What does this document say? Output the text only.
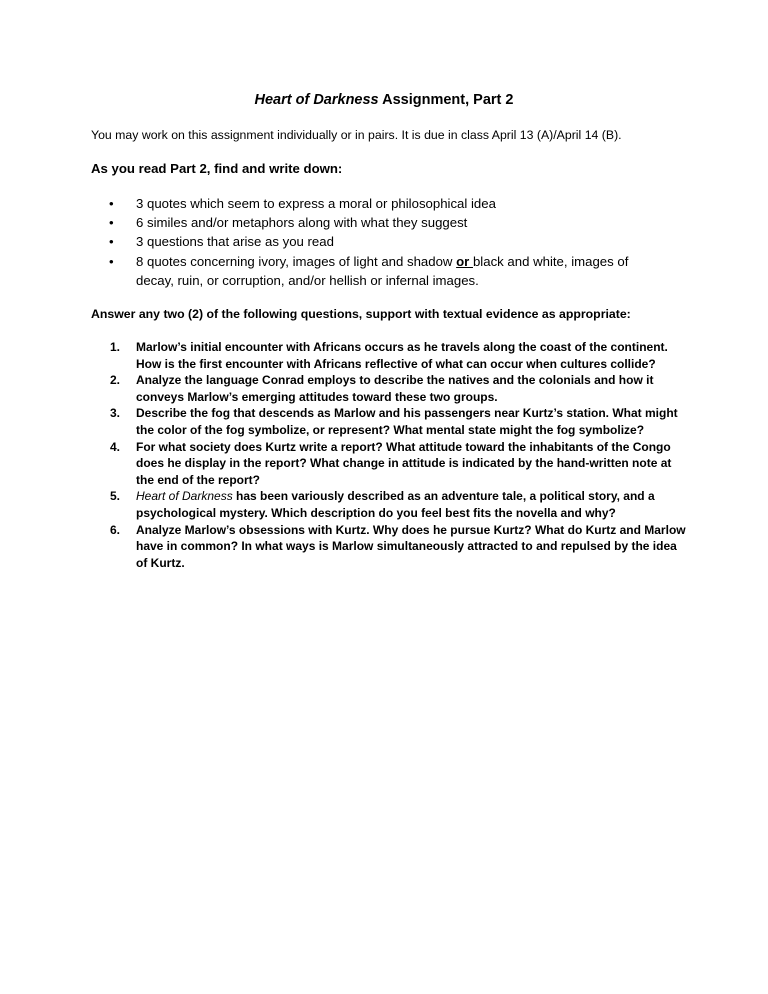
Heart of Darkness Assignment, Part 2
You may work on this assignment individually or in pairs. It is due in class April 13 (A)/April 14 (B).
As you read Part 2, find and write down:
•	3 quotes which seem to express a moral or philosophical idea
•	6 similes and/or metaphors along with what they suggest
•	3 questions that arise as you read
•	8 quotes concerning ivory, images of light and shadow or black and white, images of decay, ruin, or corruption, and/or hellish or infernal images.
Answer any two (2) of the following questions, support with textual evidence as appropriate:
1.	Marlow’s initial encounter with Africans occurs as he travels along the coast of the continent. How is the first encounter with Africans reflective of what can occur when cultures collide?
2.	Analyze the language Conrad employs to describe the natives and the colonials and how it conveys Marlow’s emerging attitudes toward these two groups.
3.	Describe the fog that descends as Marlow and his passengers near Kurtz’s station. What might the color of the fog symbolize, or represent? What mental state might the fog symbolize?
4.	For what society does Kurtz write a report? What attitude toward the inhabitants of the Congo does he display in the report? What change in attitude is indicated by the hand-written note at the end of the report?
5.	Heart of Darkness has been variously described as an adventure tale, a political story, and a psychological mystery. Which description do you feel best fits the novella and why?
6.	Analyze Marlow’s obsessions with Kurtz. Why does he pursue Kurtz? What do Kurtz and Marlow have in common? In what ways is Marlow simultaneously attracted to and repulsed by the idea of Kurtz.
